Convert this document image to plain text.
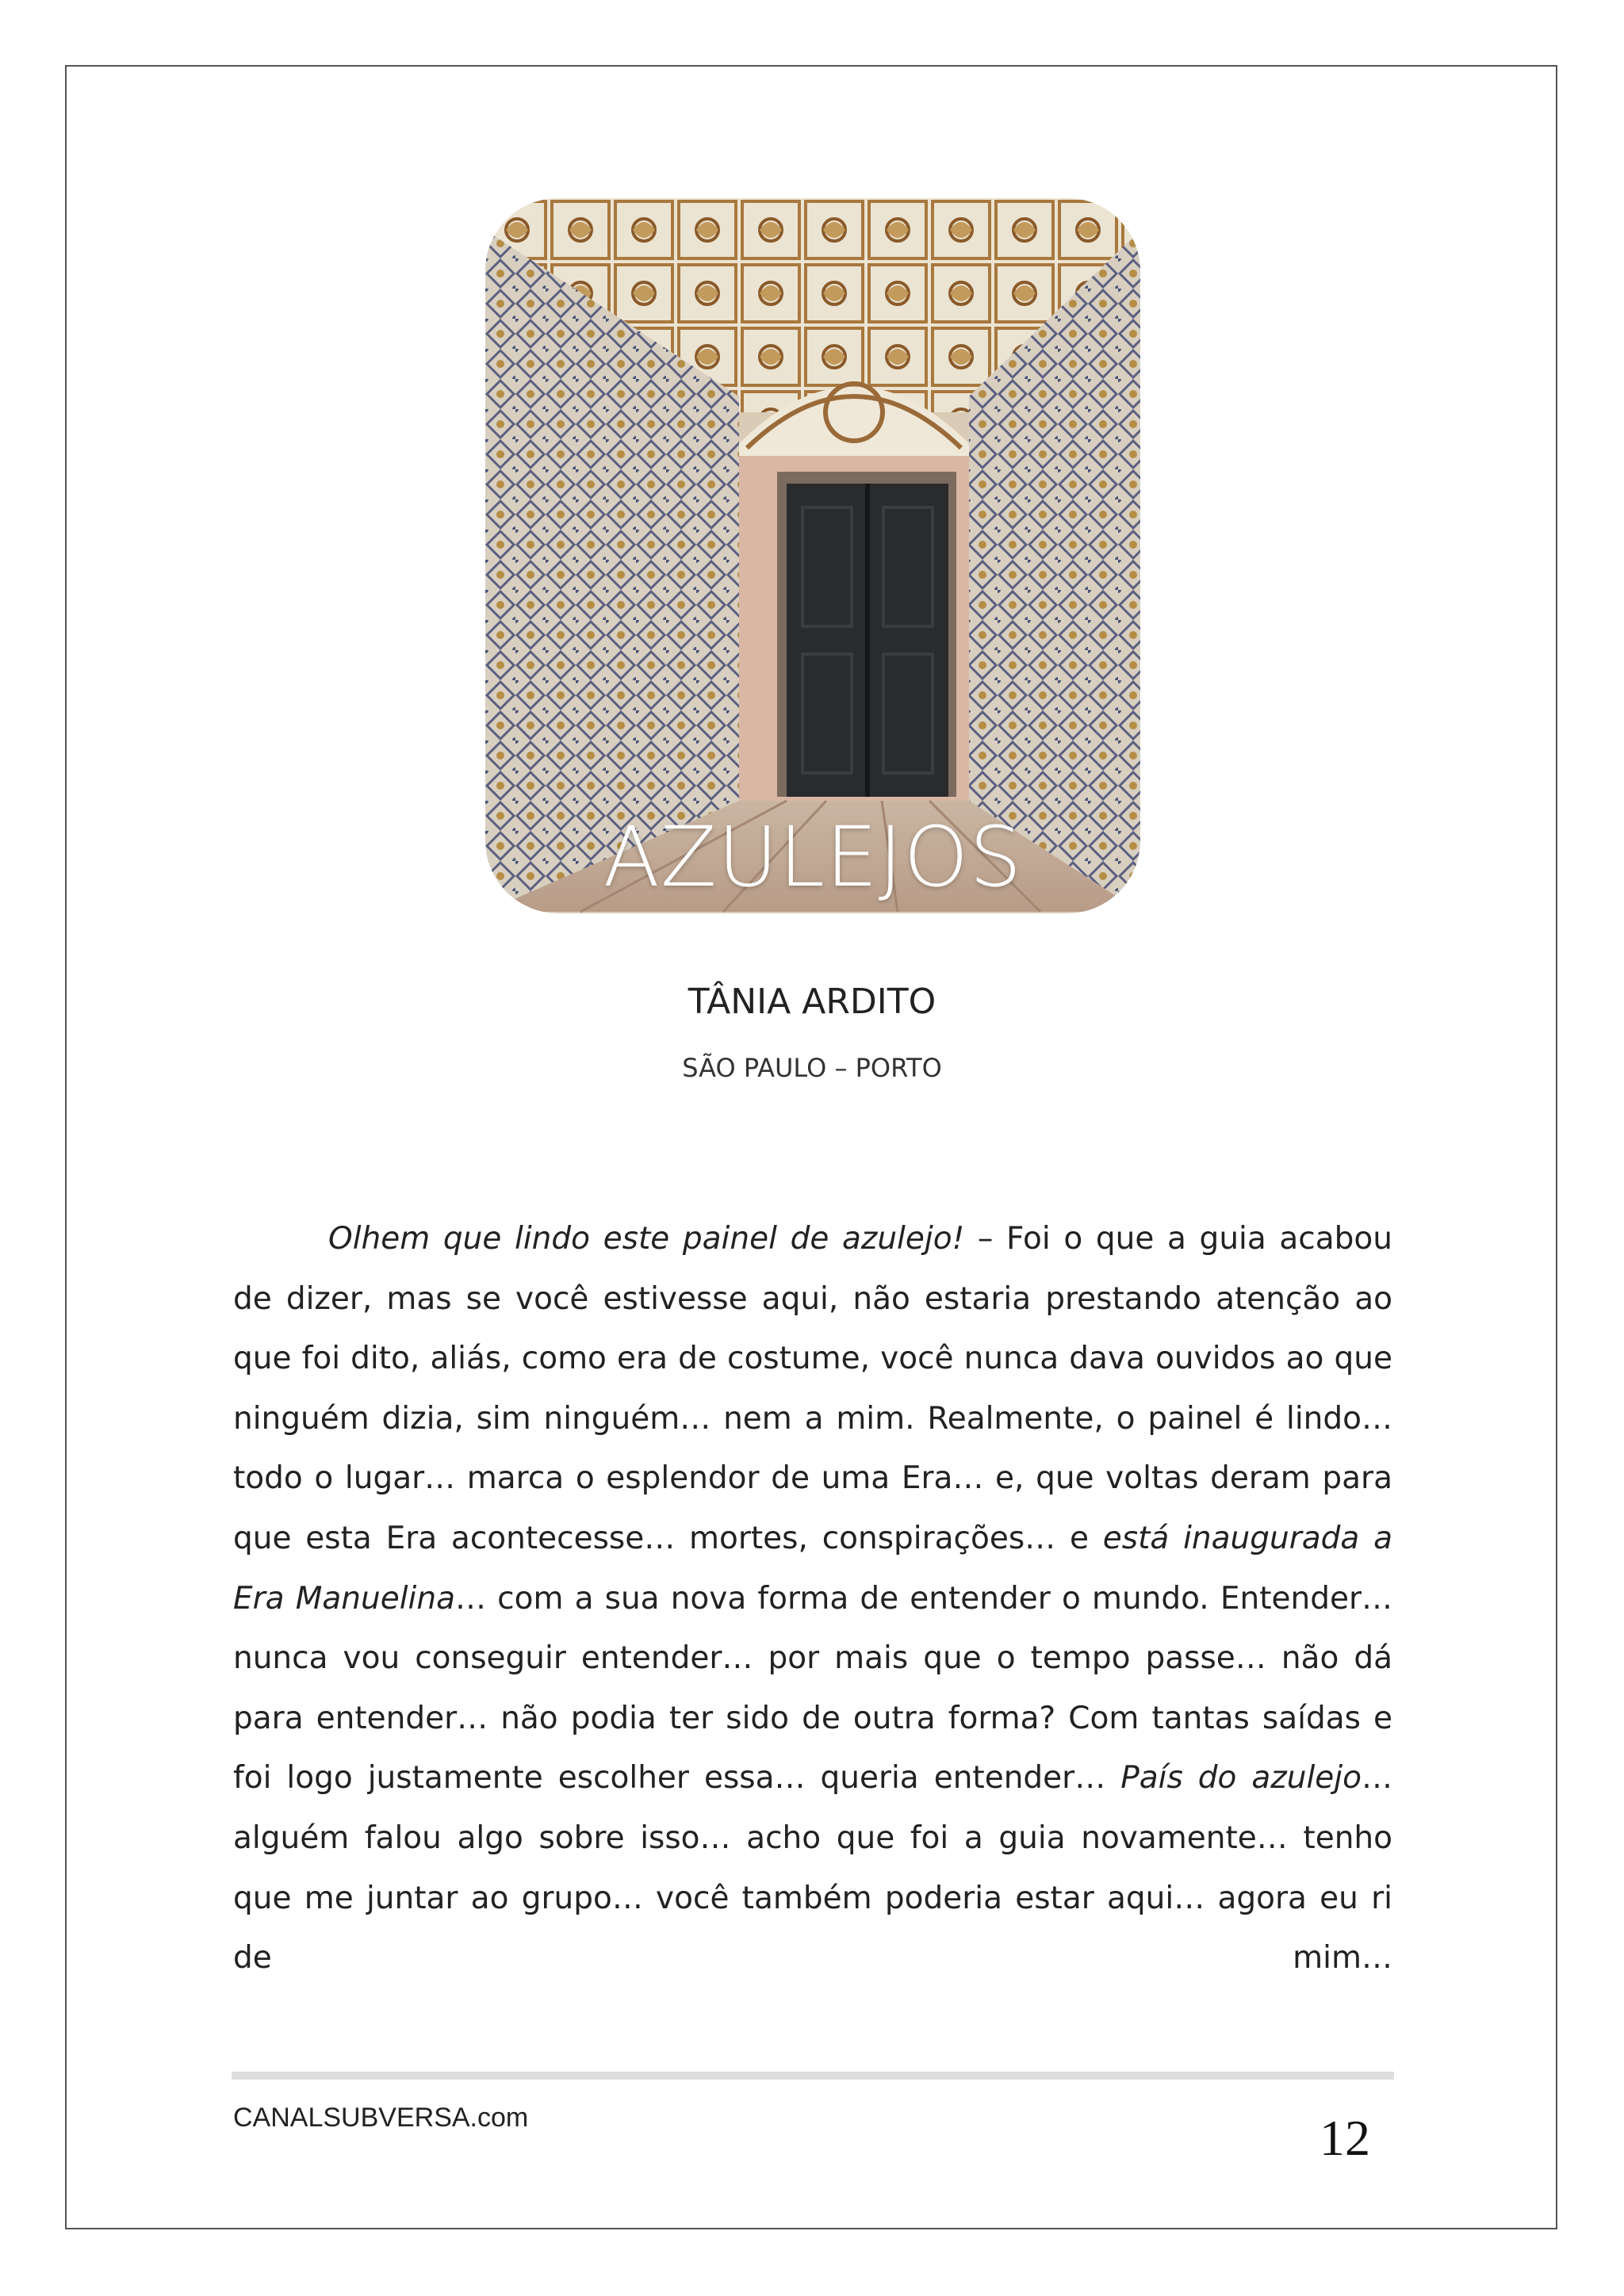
AZULEJOS
TÂNIA ARDITO
SÃO PAULO – PORTO

Olhem que lindo este painel de azulejo! – Foi o que a guia acabou de dizer, mas se você estivesse aqui, não estaria prestando atenção ao que foi dito, aliás, como era de costume, você nunca dava ouvidos ao que ninguém dizia, sim ninguém… nem a mim. Realmente, o painel é lindo… todo o lugar… marca o esplendor de uma Era… e, que voltas deram para que esta Era acontecesse… mortes, conspirações… e está inaugurada a Era Manuelina… com a sua nova forma de entender o mundo. Entender… nunca vou conseguir entender… por mais que o tempo passe… não dá para entender… não podia ter sido de outra forma? Com tantas saídas e foi logo justamente escolher essa… queria entender… País do azulejo… alguém falou algo sobre isso… acho que foi a guia novamente… tenho que me juntar ao grupo… você também poderia estar aqui… agora eu ri de mim…

CANALSUBVERSA.com	12
